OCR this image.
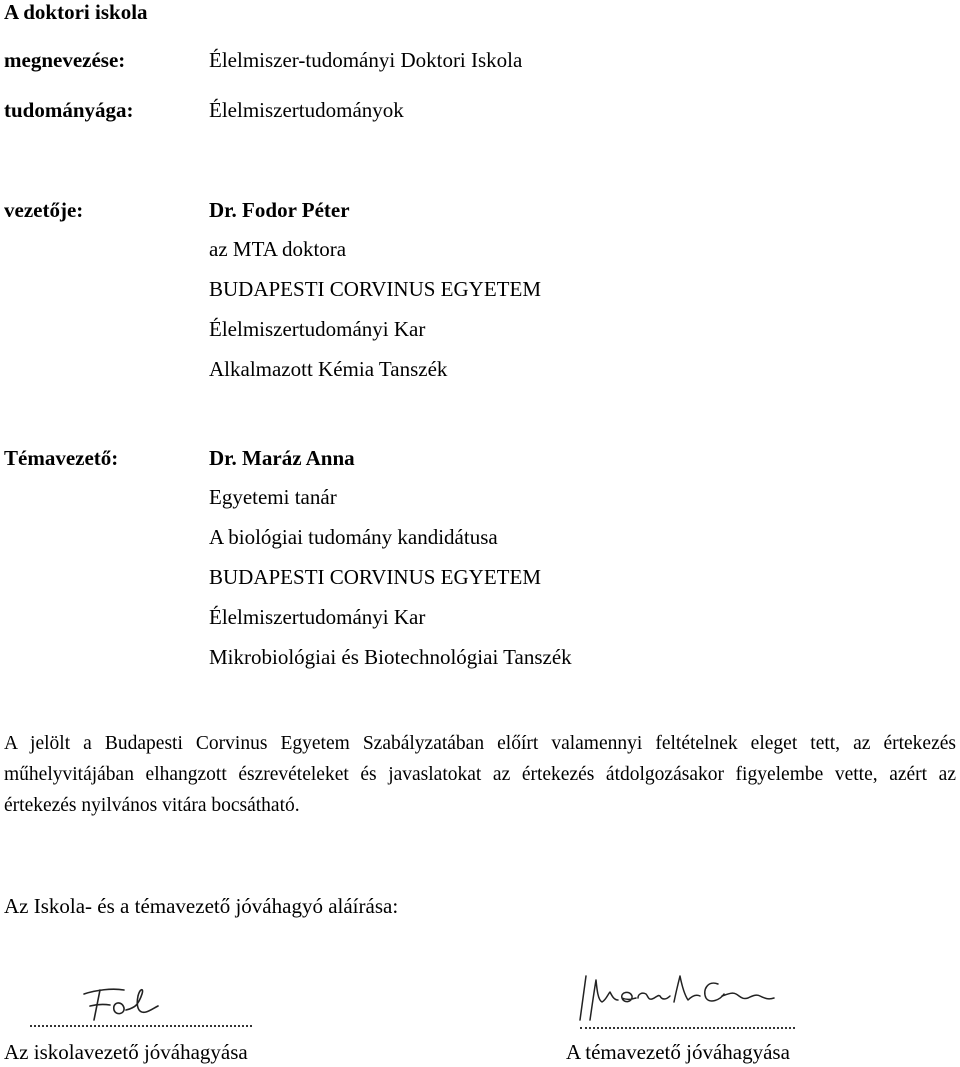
A doktori iskola
megnevezése:	Élelmiszer-tudományi Doktori Iskola
tudományága:	Élelmiszertudományok
vezetője:	Dr. Fodor Péter
az MTA doktora
BUDAPESTI CORVINUS EGYETEM
Élelmiszertudományi Kar
Alkalmazott Kémia Tanszék
Témavezető:	Dr. Maráz Anna
Egyetemi tanár
A biológiai tudomány kandidátusa
BUDAPESTI CORVINUS EGYETEM
Élelmiszertudományi Kar
Mikrobiológiai és Biotechnológiai Tanszék
A jelölt a Budapesti Corvinus Egyetem Szabályzatában előírt valamennyi feltételnek eleget tett, az értekezés műhelyvitájában elhangzott észrevételeket és javaslatokat az értekezés átdolgozásakor figyelembe vette, azért az értekezés nyilvános vitára bocsátható.
Az Iskola- és a témavezető jóváhagyó aláírása:
Az iskolavezető jóváhagyása	A témavezető jóváhagyása
